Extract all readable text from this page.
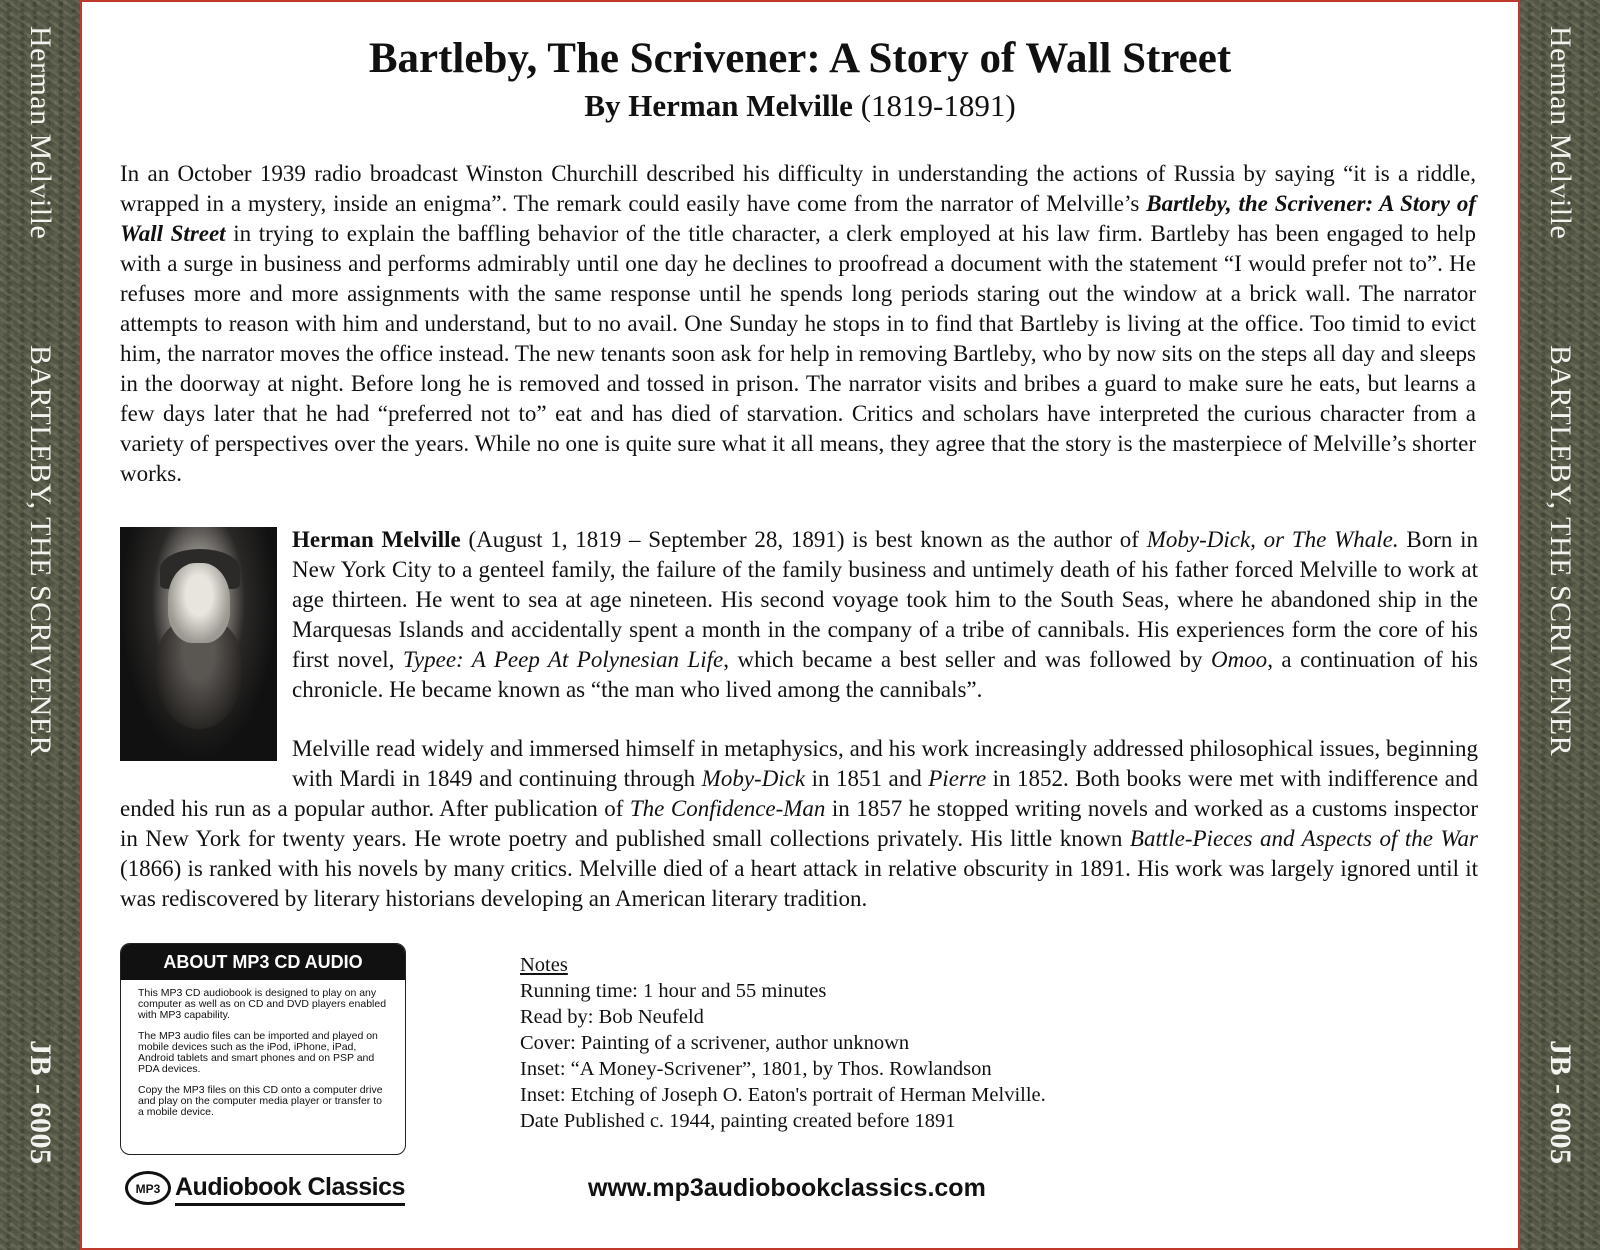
Herman Melville
BARTLEBY, THE SCRIVENER
JB - 6005
Herman Melville
BARTLEBY, THE SCRIVENER
JB - 6005
Bartleby, The Scrivener: A Story of Wall Street
By Herman Melville (1819-1891)

In an October 1939 radio broadcast Winston Churchill described his difficulty in understanding the actions of Russia by saying “it is a riddle, wrapped in a mystery, inside an enigma”. The remark could easily have come from the narrator of Melville’s Bartleby, the Scrivener: A Story of Wall Street in trying to explain the baffling behavior of the title character, a clerk employed at his law firm. Bartleby has been engaged to help with a surge in business and performs admirably until one day he declines to proofread a document with the statement “I would prefer not to”. He refuses more and more assignments with the same response until he spends long periods staring out the window at a brick wall. The narrator attempts to reason with him and understand, but to no avail. One Sunday he stops in to find that Bartleby is living at the office. Too timid to evict him, the narrator moves the office instead. The new tenants soon ask for help in removing Bartleby, who by now sits on the steps all day and sleeps in the doorway at night. Before long he is removed and tossed in prison. The narrator visits and bribes a guard to make sure he eats, but learns a few days later that he had “preferred not to” eat and has died of starvation. Critics and scholars have interpreted the curious character from a variety of perspectives over the years. While no one is quite sure what it all means, they agree that the story is the masterpiece of Melville’s shorter works.

Herman Melville (August 1, 1819 – September 28, 1891) is best known as the author of Moby-Dick, or The Whale. Born in New York City to a genteel family, the failure of the family business and untimely death of his father forced Melville to work at age thirteen. He went to sea at age nineteen. His second voyage took him to the South Seas, where he abandoned ship in the Marquesas Islands and accidentally spent a month in the company of a tribe of cannibals. His experiences form the core of his first novel, Typee: A Peep At Polynesian Life, which became a best seller and was followed by Omoo, a continuation of his chronicle. He became known as “the man who lived among the cannibals”.

Melville read widely and immersed himself in metaphysics, and his work increasingly addressed philosophical issues, beginning with Mardi in 1849 and continuing through Moby-Dick in 1851 and Pierre in 1852. Both books were met with indifference and ended his run as a popular author. After publication of The Confidence-Man in 1857 he stopped writing novels and worked as a customs inspector in New York for twenty years. He wrote poetry and published small collections privately. His little known Battle-Pieces and Aspects of the War (1866) is ranked with his novels by many critics. Melville died of a heart attack in relative obscurity in 1891. His work was largely ignored until it was rediscovered by literary historians developing an American literary tradition.

ABOUT MP3 CD AUDIO

This MP3 CD audiobook is designed to play on any computer as well as on CD and DVD players enabled with MP3 capability.

The MP3 audio files can be imported and played on mobile devices such as the iPod, iPhone, iPad, Android tablets and smart phones and on PSP and PDA devices.

Copy the MP3 files on this CD onto a computer drive and play on the computer media player or transfer to a mobile device.

Notes
Running time: 1 hour and 55 minutes
Read by: Bob Neufeld
Cover: Painting of a scrivener, author unknown
Inset: “A Money-Scrivener”, 1801, by Thos. Rowlandson
Inset: Etching of Joseph O. Eaton's portrait of Herman Melville.
Date Published c. 1944, painting created before 1891
MP3 Audiobook Classics	www.mp3audiobookclassics.com
